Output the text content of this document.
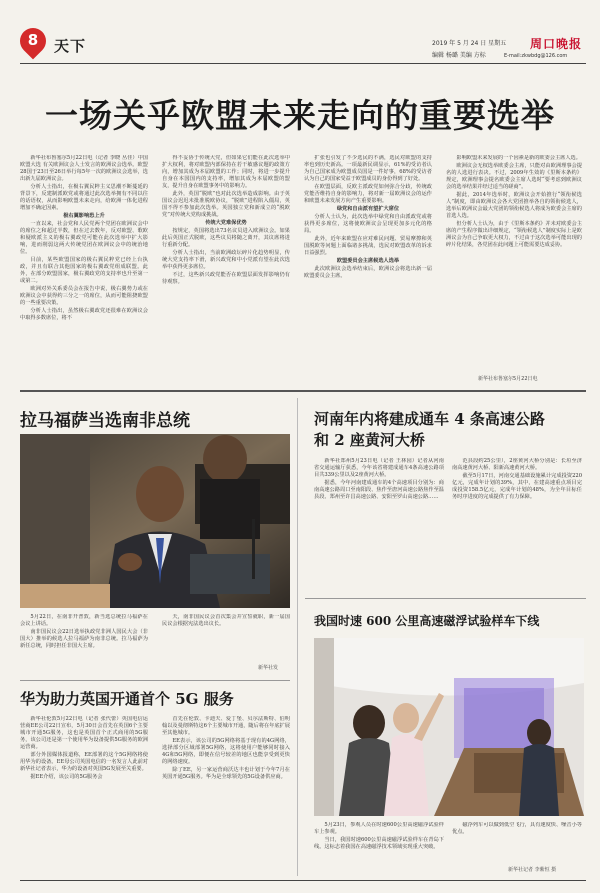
8	天下	2019 年 5 月 24 日 星期五
编辑 杨璐 美编 方标
周口晚报
E-mail:zkwbdg@126.com
一场关乎欧盟未来走向的重要选举

新华社布鲁塞尔5月22日电（记者 李晓 丛佳）中国欧盟大选 有关欧洲议会人士发言的欧洲议会选举。欧盟28国于23日至26日举行每5年一次的欧洲议会选举，选出新九届欧洲议会。

分析人士指出，在极右翼民粹主义思潮不断蔓延的背景下，反建制派欧党或将通过此次选举拥有不同以往的话语权，从而影响欧盟未来走向，给欧洲一体化进程增加不确定因素。

极右翼影响恐上升

一直以来，社会党和人民党两个党团在欧洲议会中的席位之和超过半数，但在过去数年，反对欧盟、歌欧和疑欧派主义的极右翼政党可能在此次选举中扩大影响，进而削弱这两大传统党团在欧洲议会中的统治地位。

目前，某些欧盟国家的极右翼民粹党已经上台执政，并且有联合其他国家的极右翼政党组成联盟。此外，在部分欧盟国家，极右翼政党的支持率也升至第一或第二。

欧洲对外关系委员会在报告中说，极右翼势力或在欧洲议会中获得约三分之一的席位，从而可能阻挠欧盟的一些重要决策。

分析人士指出，虽然极右翼政党还很难在欧洲议会中取得多数席位，将不

得不妥协于传统大党，但如果它们能在此次选举中扩大权利，将对欧盟内部保持在若干敏感议题的政策方向，增加其成为本届欧盟的工作；同时，将进一步提升自身在本国国内的支持率，增加其成为本届欧盟的盟友，提升自身在欧盟事务中的影响力。

此外，英国“脱欧”也对此次选举造成影响。由于英国议会迟迟未批准脱欧协议，“脱欧”进程陷入僵局，英国不得不参加此次选举。英国独立党和新成立的“脱欧党”对传统大党构成挑战。

传统大党难保优势

按规定，英国将选出73名议员进入欧洲议会。如果此后英国正式脱欧，这些议员将随之离开，其议席将进行重新分配。

分析人士指出，当前欧洲政坛碎片化趋势明显，传统大党支持率下滑，新兴政党和中小党派有望在此次选举中获得更多席位。

不过，这些新兴政党能否在欧盟层面发挥影响仍有待观察。

扩张也引发了不少选民的不满，选民对欧盟的支持率也到历史新高。一项最新民调显示，61%的受访者认为自己国家成为欧盟成员国是一件好事，68%的受访者认为自己的国家受益于欧盟成员的身份得到了好处。

在欧盟层面，反欧主派政党如何弥合分歧，传统政党能否维持自身的影响力，将对新一届欧洲议会的运作和欧盟未来发展方向产生重要影响。

绿党和自由派有望扩大席位

分析人士认为，此次选举中绿党和自由派政党或将获得更多席位，这将使欧洲议会呈现更加多元化的格局。

此外，近年来欧盟在应对难民问题、贸易摩擦和英国脱欧等问题上面临诸多挑战，选民对欧盟改革的诉求日益强烈。

欧盟委员会主席候选人选举

此次欧洲议会选举结束后，欧洲议会将选出新一届欧盟委员会主席。

影响欧盟未来发展的一个因素是新的欧委会主席人选。

欧洲议会无权选举欧委会主席，只能对由欧洲理事会提名的人选进行表决。不过，2009年生效的《里斯本条约》规定，欧洲理事会提名欧委会主席人选时“要考虑到欧洲议会的选举结果并经过适当的磋商”。

据此，2014年选举时，欧洲议会开始推行“领衔候选人”制度，即由欧洲议会各大党团推举各自的领衔候选人，选举后欧洲议会最大党团的领衔候选人将成为欧委会主席的首选人选。

但分析人士认为，由于《里斯本条约》并未对欧委会主席的产生程序做出详细规定，“领衔候选人”制度实际上是欧洲议会为自己争取更大权力，不过由于这次选举可能出现的碎片化结果，各党团在此问题上可能需要达成妥协。

新华社布鲁塞尔5月22日电
拉马福萨当选南非总统

5月22日，在南非开普敦，新当选总统拉马福萨在会议上讲话。

南非国民议会22日选举执政党非洲人国民大会（非国大）推举的候选人拉马福萨为南非总统。拉马福萨为新任总统，同时担任非国大主席。

天，南非国民议会首次集会并宣誓就职，新一届国民议会根据宪法选出议长。

新华社发
河南年内将建成通车 4 条高速公路
和 2 座黄河大桥

新华社郑州5月23日电（记者 王林园）记者从河南省交通运输厅获悉，今年该省将建成通车4条高速公路项目共339公里以及2座黄河大桥。

据悉，今年河南建成通车的4个高速项目分别为：商南高速公路周口至南阳段、焦作至唐河高速公路焦作至温县段、郑州至许昌高速公路、安阳至罗山高速公路……

范县段约25公里），2座黄河大桥分别是：长垣至济南高速黄河大桥、阳新高速黄河大桥。

截至5月17日，河南交通基础设施累计完成投资220亿元，完成年计划的39%，其中，在建高速重点项目完成投资158.5亿元，完成年计划的48%，为全年目标任务时序进度的完成提供了有力保障。

我国时速 600 公里高速磁浮试验样车下线

5月23日，参观人员在时速600公里高速磁浮试验样车上参观。

当日，我国时速600公里高速磁浮试验样车在青岛下线。这标志着我国在高速磁浮技术领域实现重大突破。

磁浮列车可以做到低空飞行，具有速度快、噪音小等优点。

新华社记者 李紫恒 摄
华为助力英国开通首个 5G 服务

新华社伦敦5月22日电（记者 张代蕾）英国电信运营商EE公司22日宣布，5月30日会首先在英国6个主要城市开通5G服务，这也是英国首个正式商用的5G服务，该公司还是第一个使用华为设备提供5G服务的欧洲运营商。

部分外国媒体报道称，EE部署的这个5G网络将使用华为的设备。EE母公司英国电信的一名发言人此前对新华社记者表示，华为的设备对英国5G发展至关重要。

据EE介绍，该公司的5G服务会

首先在伦敦、卡迪夫、爱丁堡、贝尔法斯特、伯明翰以及曼彻斯特这6个主要城市开通，随后将在年底扩展至其他城市。

EE表示，该公司的5G网络将基于现有的4G网络，选择部分区域部署5G网络，这将使用户能够同时接入4G和5G网络，即便在信号较差的地区也能享受到更快的网络速度。

除了EE，另一家运营商沃达丰也计划于今年7月在英国开通5G服务。华为是全球领先的5G设备供应商。
